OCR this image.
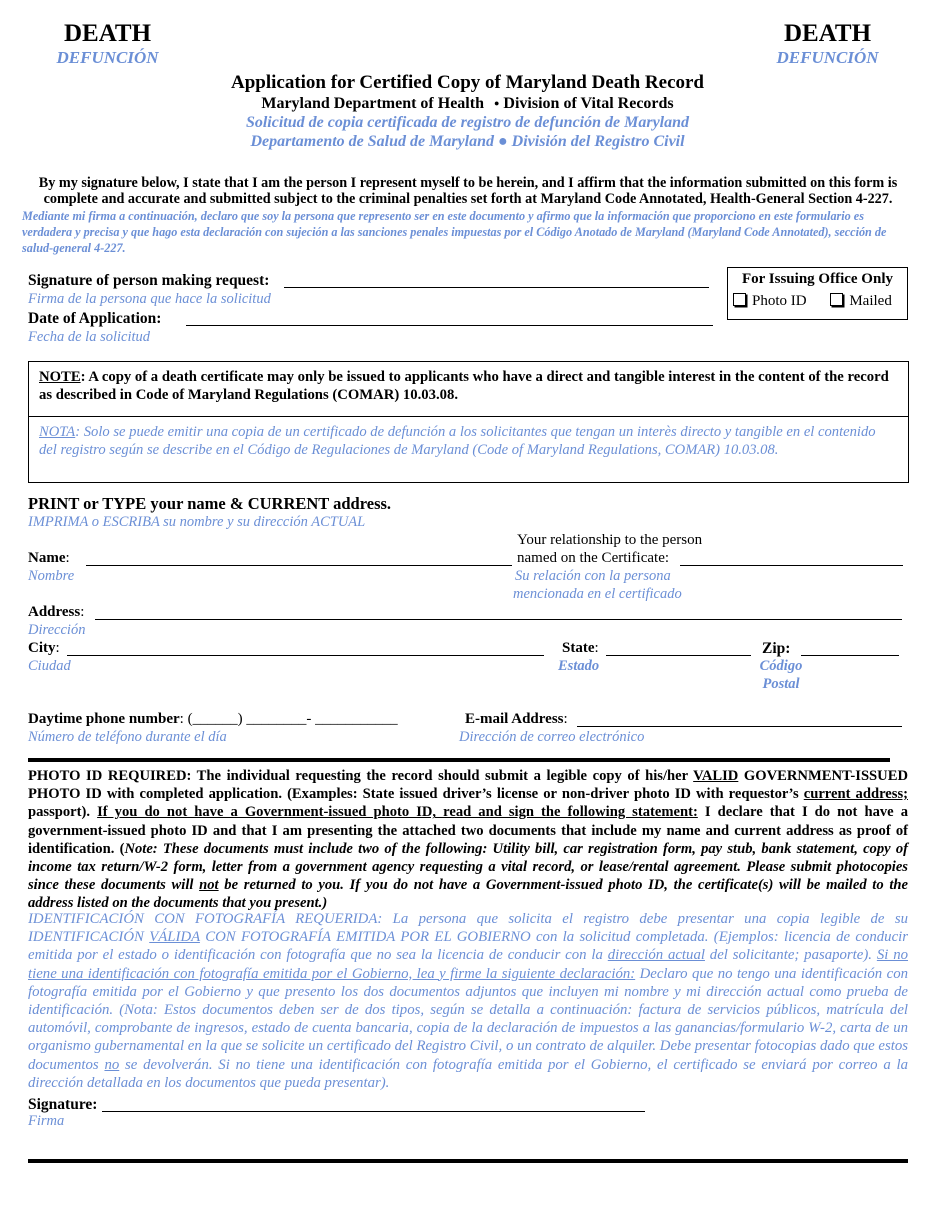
DEATH
DEFUNCIÓN
DEATH
DEFUNCIÓN
Application for Certified Copy of Maryland Death Record
Maryland Department of Health ● Division of Vital Records
Solicitud de copia certificada de registro de defunción de Maryland
Departamento de Salud de Maryland ● División del Registro Civil
By my signature below, I state that I am the person I represent myself to be herein, and I affirm that the information submitted on this form is complete and accurate and submitted subject to the criminal penalties set forth at Maryland Code Annotated, Health-General Section 4-227.
Mediante mi firma a continuación, declaro que soy la persona que represento ser en este documento y afirmo que la información que proporciono en este formulario es verdadera y precisa y que hago esta declaración con sujeción a las sanciones penales impuestas por el Código Anotado de Maryland (Maryland Code Annotated), sección de salud-general 4-227.
Signature of person making request:
Firma de la persona que hace la solicitud
Date of Application:
Fecha de la solicitud
For Issuing Office Only
Photo ID	Mailed
NOTE: A copy of a death certificate may only be issued to applicants who have a direct and tangible interest in the content of the record as described in Code of Maryland Regulations (COMAR) 10.03.08.
NOTA: Solo se puede emitir una copia de un certificado de defunción a los solicitantes que tengan un interès directo y tangible en el contenido del registro según se describe en el Código de Regulaciones de Maryland (Code of Maryland Regulations, COMAR) 10.03.08.
PRINT or TYPE your name & CURRENT address.
IMPRIMA o ESCRIBA su nombre y su dirección ACTUAL
Your relationship to the person
named on the Certificate:
Su relación con la persona
mencionada en el certificado
Name:
Nombre
Address:
Dirección
City:
Ciudad
State:
Estado
Zip:
Código
Postal
Daytime phone number: (______) ________- ___________
Número de teléfono durante el día
E-mail Address:
Dirección de correo electrónico
PHOTO ID REQUIRED: The individual requesting the record should submit a legible copy of his/her VALID GOVERNMENT-ISSUED PHOTO ID with completed application. (Examples: State issued driver’s license or non-driver photo ID with requestor’s current address; passport). If you do not have a Government-issued photo ID, read and sign the following statement: I declare that I do not have a government-issued photo ID and that I am presenting the attached two documents that include my name and current address as proof of identification. (Note: These documents must include two of the following: Utility bill, car registration form, pay stub, bank statement, copy of income tax return/W-2 form, letter from a government agency requesting a vital record, or lease/rental agreement. Please submit photocopies since these documents will not be returned to you. If you do not have a Government-issued photo ID, the certificate(s) will be mailed to the address listed on the documents that you present.)
IDENTIFICACIÓN CON FOTOGRAFÍA REQUERIDA: La persona que solicita el registro debe presentar una copia legible de su IDENTIFICACIÓN VÁLIDA CON FOTOGRAFÍA EMITIDA POR EL GOBIERNO con la solicitud completada. (Ejemplos: licencia de conducir emitida por el estado o identificación con fotografía que no sea la licencia de conducir con la dirección actual del solicitante; pasaporte). Si no tiene una identificación con fotografía emitida por el Gobierno, lea y firme la siguiente declaración: Declaro que no tengo una identificación con fotografía emitida por el Gobierno y que presento los dos documentos adjuntos que incluyen mi nombre y mi dirección actual como prueba de identificación. (Nota: Estos documentos deben ser de dos tipos, según se detalla a continuación: factura de servicios públicos, matrícula del automóvil, comprobante de ingresos, estado de cuenta bancaria, copia de la declaración de impuestos a las ganancias/formulario W-2, carta de un organismo gubernamental en la que se solicite un certificado del Registro Civil, o un contrato de alquiler. Debe presentar fotocopias dado que estos documentos no se devolverán. Si no tiene una identificación con fotografía emitida por el Gobierno, el certificado se enviará por correo a la dirección detallada en los documentos que pueda presentar).
Signature:
Firma
